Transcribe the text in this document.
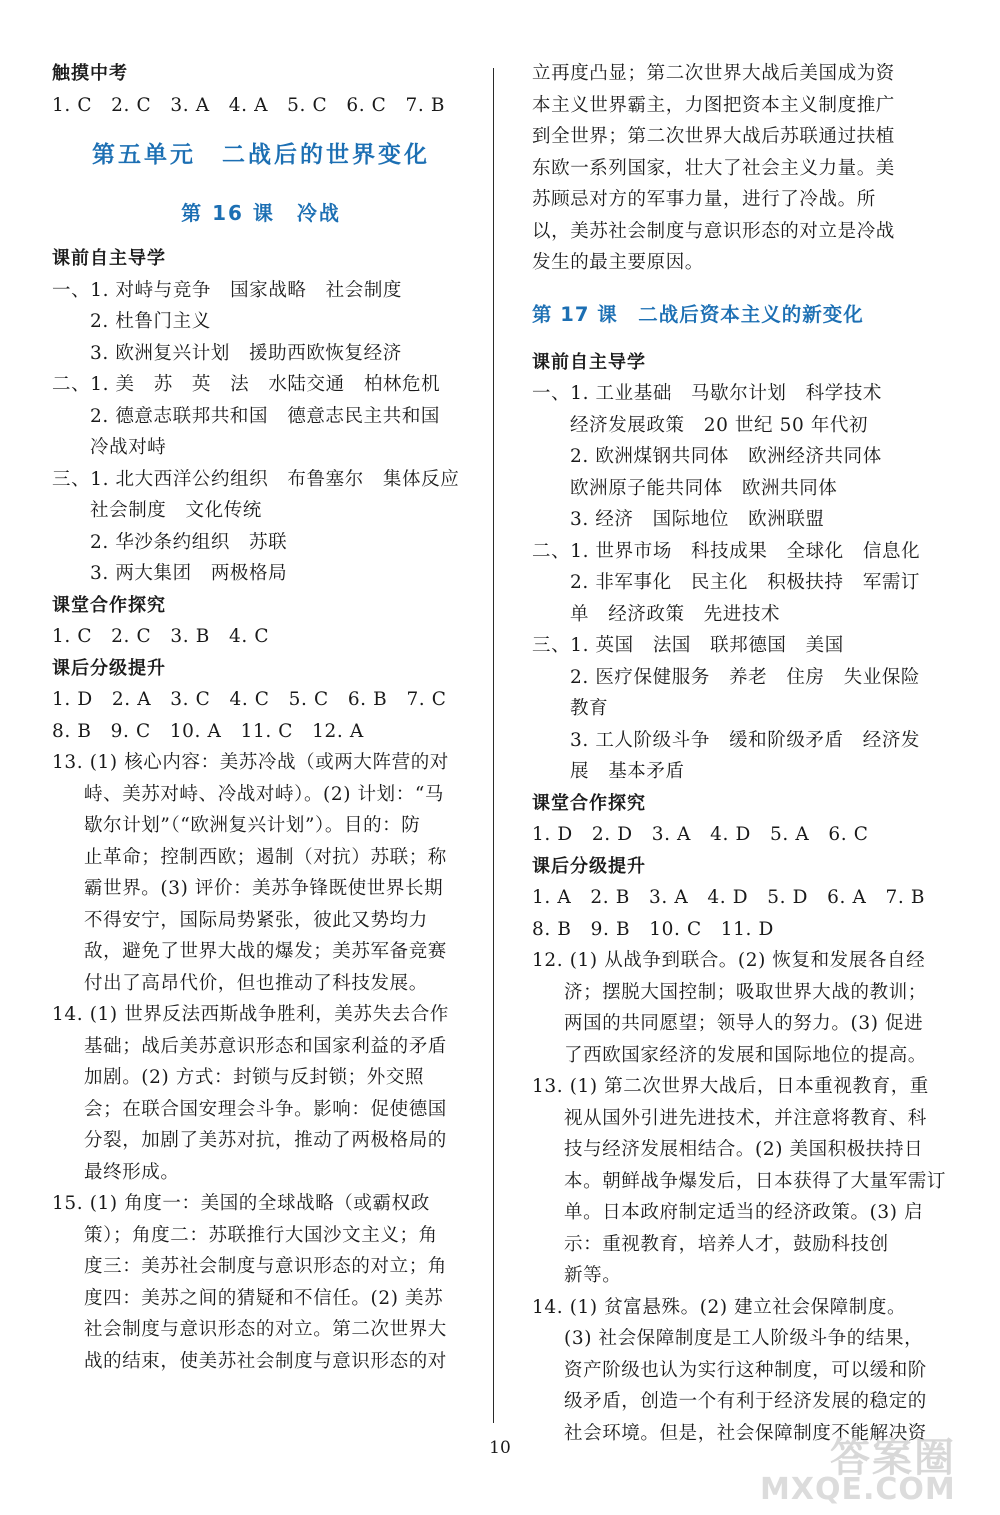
触摸中考
1. C　2. C　3. A　4. A　5. C　6. C　7. B
第五单元　二战后的世界变化
第 16 课　冷战
课前自主导学
一、1. 对峙与竞争　国家战略　社会制度
2. 杜鲁门主义
3. 欧洲复兴计划　援助西欧恢复经济
二、1. 美　苏　英　法　水陆交通　柏林危机
2. 德意志联邦共和国　德意志民主共和国
冷战对峙
三、1. 北大西洋公约组织　布鲁塞尔　集体反应
社会制度　文化传统
2. 华沙条约组织　苏联
3. 两大集团　两极格局
课堂合作探究
1. C　2. C　3. B　4. C
课后分级提升
1. D　2. A　3. C　4. C　5. C　6. B　7. C
8. B　9. C　10. A　11. C　12. A
13. (1) 核心内容：美苏冷战（或两大阵营的对
峙、美苏对峙、冷战对峙）。(2) 计划：“马
歇尔计划”（“欧洲复兴计划”）。目的：防
止革命；控制西欧；遏制（对抗）苏联；称
霸世界。(3) 评价：美苏争锋既使世界长期
不得安宁，国际局势紧张，彼此又势均力
敌，避免了世界大战的爆发；美苏军备竞赛
付出了高昂代价，但也推动了科技发展。
14. (1) 世界反法西斯战争胜利，美苏失去合作
基础；战后美苏意识形态和国家利益的矛盾
加剧。(2) 方式：封锁与反封锁；外交照
会；在联合国安理会斗争。影响：促使德国
分裂，加剧了美苏对抗，推动了两极格局的
最终形成。
15. (1) 角度一：美国的全球战略（或霸权政
策）；角度二：苏联推行大国沙文主义；角
度三：美苏社会制度与意识形态的对立；角
度四：美苏之间的猜疑和不信任。(2) 美苏
社会制度与意识形态的对立。第二次世界大
战的结束，使美苏社会制度与意识形态的对
立再度凸显；第二次世界大战后美国成为资
本主义世界霸主，力图把资本主义制度推广
到全世界；第二次世界大战后苏联通过扶植
东欧一系列国家，壮大了社会主义力量。美
苏顾忌对方的军事力量，进行了冷战。所
以，美苏社会制度与意识形态的对立是冷战
发生的最主要原因。
第 17 课　二战后资本主义的新变化
课前自主导学
一、1. 工业基础　马歇尔计划　科学技术
经济发展政策　20 世纪 50 年代初
2. 欧洲煤钢共同体　欧洲经济共同体
欧洲原子能共同体　欧洲共同体
3. 经济　国际地位　欧洲联盟
二、1. 世界市场　科技成果　全球化　信息化
2. 非军事化　民主化　积极扶持　军需订
单　经济政策　先进技术
三、1. 英国　法国　联邦德国　美国
2. 医疗保健服务　养老　住房　失业保险
教育
3. 工人阶级斗争　缓和阶级矛盾　经济发
展　基本矛盾
课堂合作探究
1. D　2. D　3. A　4. D　5. A　6. C
课后分级提升
1. A　2. B　3. A　4. D　5. D　6. A　7. B
8. B　9. B　10. C　11. D
12. (1) 从战争到联合。(2) 恢复和发展各自经
济；摆脱大国控制；吸取世界大战的教训；
两国的共同愿望；领导人的努力。(3) 促进
了西欧国家经济的发展和国际地位的提高。
13. (1) 第二次世界大战后，日本重视教育，重
视从国外引进先进技术，并注意将教育、科
技与经济发展相结合。(2) 美国积极扶持日
本。朝鲜战争爆发后，日本获得了大量军需订
单。日本政府制定适当的经济政策。(3) 启
示：重视教育，培养人才，鼓励科技创
新等。
14. (1) 贫富悬殊。(2) 建立社会保障制度。
(3) 社会保障制度是工人阶级斗争的结果，
资产阶级也认为实行这种制度，可以缓和阶
级矛盾，创造一个有利于经济发展的稳定的
社会环境。但是，社会保障制度不能解决资
10	答案圈
MXQE.COM
